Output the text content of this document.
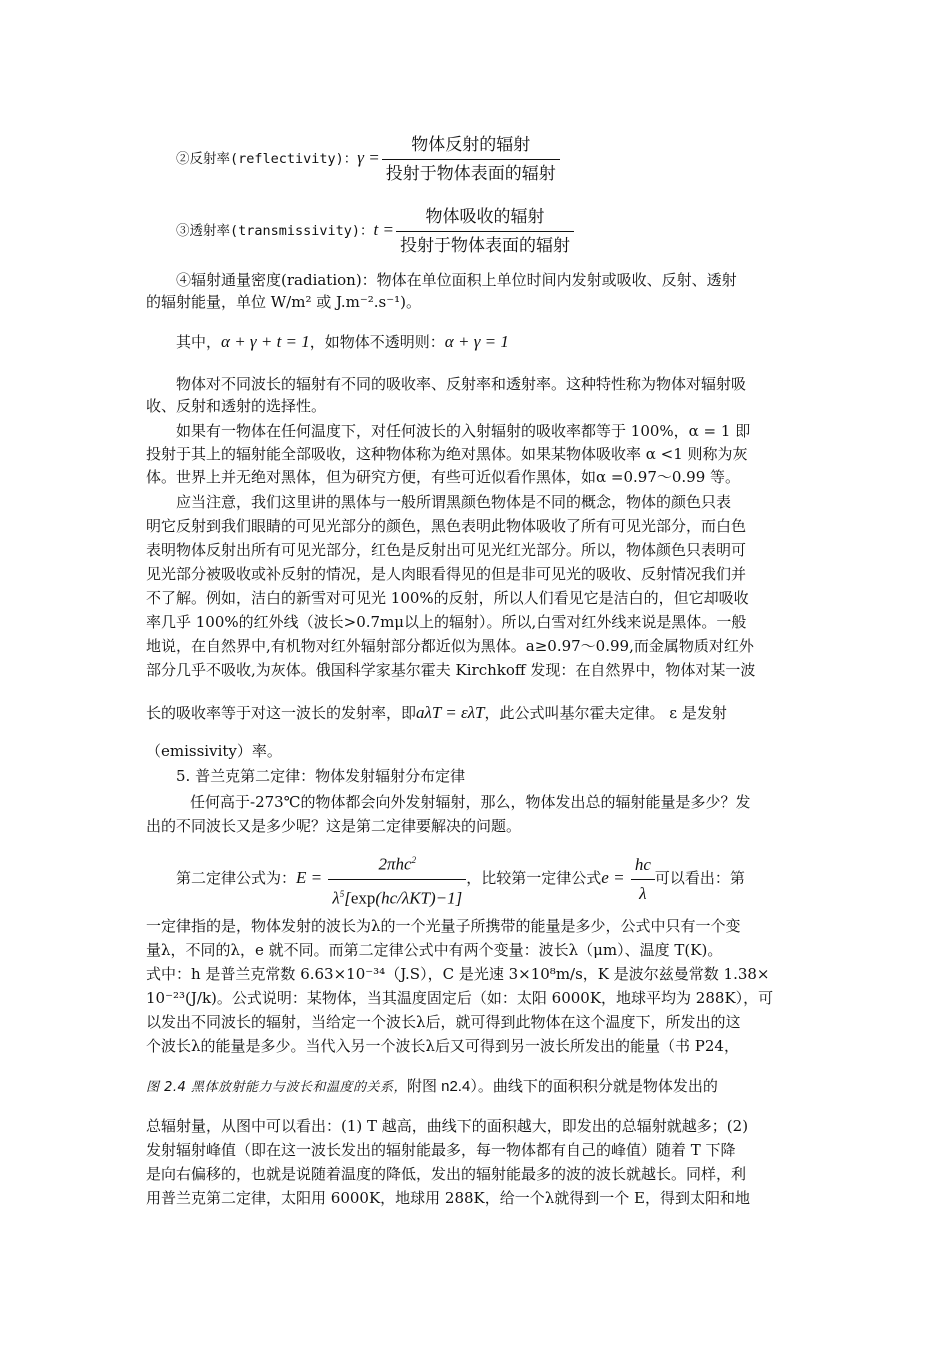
②反射率(reflectivity)：$\gamma = \frac{\text{物体反射的辐射}}{\text{投射于物体表面的辐射}}$
③透射率(transmissivity)：$t = \frac{\text{物体吸收的辐射}}{\text{投射于物体表面的辐射}}$
④辐射通量密度(radiation)：物体在单位面积上单位时间内发射或吸收、反射、透射
的辐射能量，单位 W/m² 或 J.m⁻².s⁻¹)。
其中，α + γ + t = 1，如物体不透明则：α + γ = 1
物体对不同波长的辐射有不同的吸收率、反射率和透射率。这种特性称为物体对辐射吸
收、反射和透射的选择性。
如果有一物体在任何温度下，对任何波长的入射辐射的吸收率都等于 100%，α = 1 即
投射于其上的辐射能全部吸收，这种物体称为绝对黑体。如果某物体吸收率 α <1 则称为灰
体。世界上并无绝对黑体，但为研究方便，有些可近似看作黑体，如α =0.97～0.99 等。
应当注意，我们这里讲的黑体与一般所谓黑颜色物体是不同的概念，物体的颜色只表
明它反射到我们眼睛的可见光部分的颜色，黑色表明此物体吸收了所有可见光部分，而白色
表明物体反射出所有可见光部分，红色是反射出可见光红光部分。所以，物体颜色只表明可
见光部分被吸收或补反射的情况，是人肉眼看得见的但是非可见光的吸收、反射情况我们并
不了解。例如，洁白的新雪对可见光 100%的反射，所以人们看见它是洁白的，但它却吸收
率几乎 100%的红外线（波长>0.7mμ以上的辐射）。所以,白雪对红外线来说是黑体。一般
地说，在自然界中,有机物对红外辐射部分都近似为黑体。a≥0.97～0.99,而金属物质对红外
部分几乎不吸收,为灰体。俄国科学家基尔霍夫 Kirchkoff 发现：在自然界中，物体对某一波
长的吸收率等于对这一波长的发射率，即aλT = ελT，此公式叫基尔霍夫定律。 ε 是发射
（emissivity）率。
5. 普兰克第二定律：物体发射辐射分布定律
任何高于-273℃的物体都会向外发射辐射，那么，物体发出总的辐射能量是多少？发
出的不同波长又是多少呢？这是第二定律要解决的问题。
第二定律公式为：$E = \frac{2\pi hc^2}{\lambda^5[\exp(hc/\lambda KT)-1]}$ ，比较第一定律公式$e = \frac{hc}{\lambda}$ 可以看出：第
一定律指的是，物体发射的波长为λ的一个光量子所携带的能量是多少，公式中只有一个变
量λ，不同的λ，e 就不同。而第二定律公式中有两个变量：波长λ（μm）、温度 T(K)。
式中：h 是普兰克常数 6.63×10⁻³⁴（J.S），C 是光速 3×10⁸m/s，K 是波尔兹曼常数 1.38×
10⁻²³(J/k)。公式说明：某物体，当其温度固定后（如：太阳 6000K，地球平均为 288K），可
以发出不同波长的辐射，当给定一个波长λ后，就可得到此物体在这个温度下，所发出的这
个波长λ的能量是多少。当代入另一个波长λ后又可得到另一波长所发出的能量（书 P24，
图 2.4 黑体放射能力与波长和温度的关系，附图 n2.4）。曲线下的面积积分就是物体发出的
总辐射量，从图中可以看出：(1) T 越高，曲线下的面积越大，即发出的总辐射就越多；(2)
发射辐射峰值（即在这一波长发出的辐射能最多，每一物体都有自己的峰值）随着 T 下降
是向右偏移的，也就是说随着温度的降低，发出的辐射能最多的波的波长就越长。同样，利
用普兰克第二定律，太阳用 6000K，地球用 288K，给一个λ就得到一个 E，得到太阳和地
